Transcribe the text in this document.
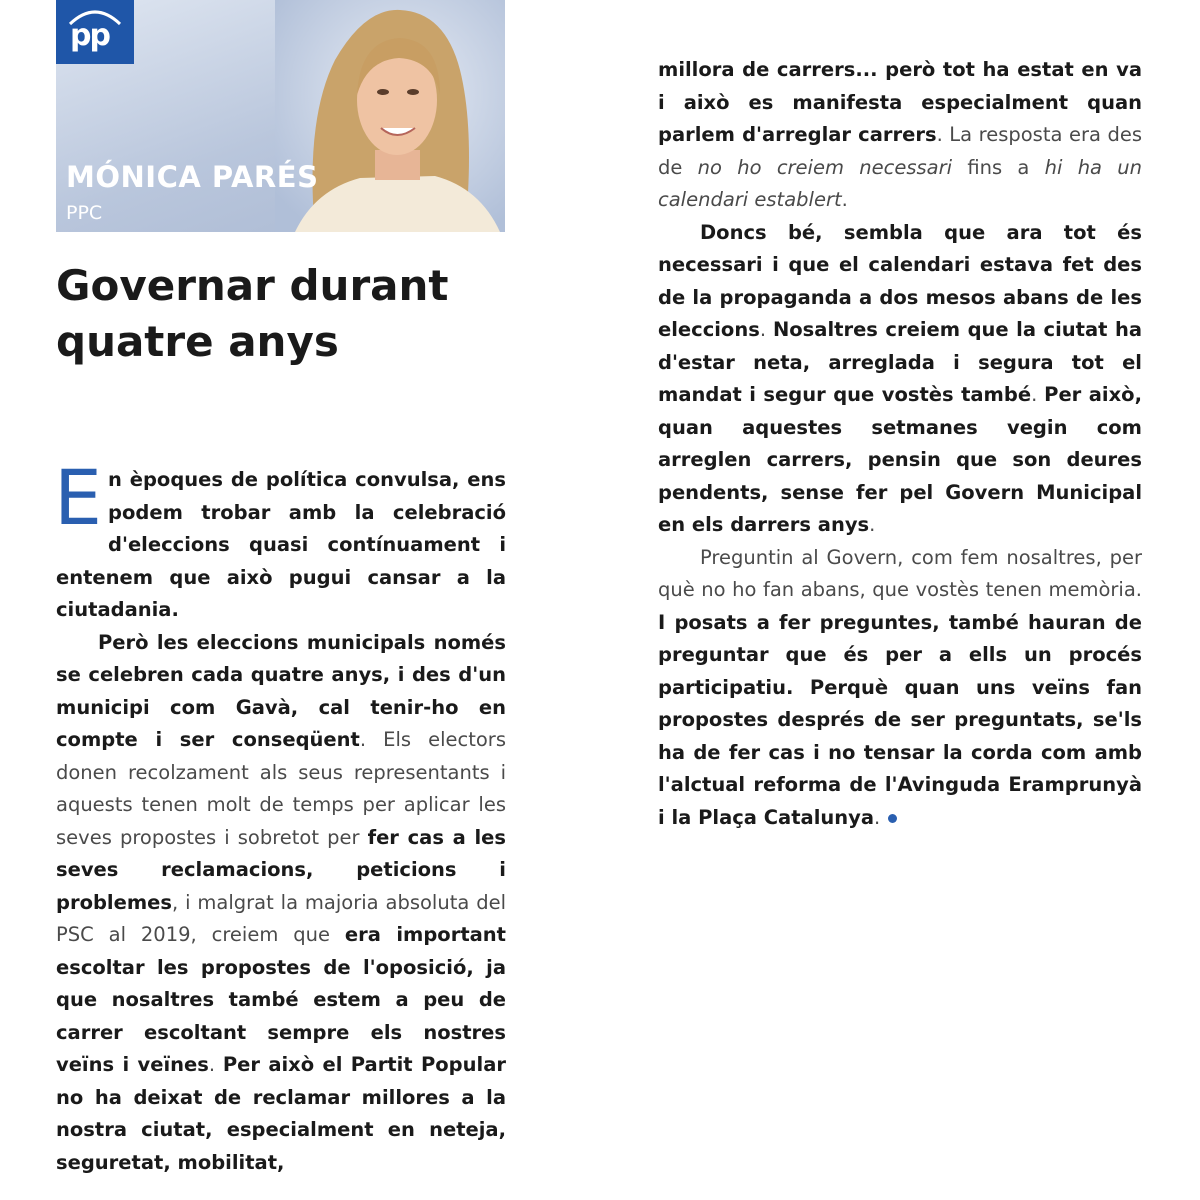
pp
MÓNICA PARÉS
PPC
Governar durant quatre anys

En èpoques de política convulsa, ens podem trobar amb la celebració d'eleccions quasi contínuament i entenem que això pugui cansar a la ciutadania.

Però les eleccions municipals només se celebren cada quatre anys, i des d'un municipi com Gavà, cal tenir-ho en compte i ser conseqüent. Els electors donen recolzament als seus representants i aquests tenen molt de temps per aplicar les seves propostes i sobretot per fer cas a les seves reclamacions, peticions i problemes, i malgrat la majoria absoluta del PSC al 2019, creiem que era important escoltar les propostes de l'oposició, ja que nosaltres també estem a peu de carrer escoltant sempre els nostres veïns i veïnes. Per això el Partit Popular no ha deixat de reclamar millores a la nostra ciutat, especialment en neteja, seguretat, mobilitat,

millora de carrers... però tot ha estat en va i això es manifesta especialment quan parlem d'arreglar carrers. La resposta era des de no ho creiem necessari fins a hi ha un calendari establert.

Doncs bé, sembla que ara tot és necessari i que el calendari estava fet des de la propaganda a dos mesos abans de les eleccions. Nosaltres creiem que la ciutat ha d'estar neta, arreglada i segura tot el mandat i segur que vostès també. Per això, quan aquestes setmanes vegin com arreglen carrers, pensin que son deures pendents, sense fer pel Govern Municipal en els darrers anys.

Preguntin al Govern, com fem nosaltres, per què no ho fan abans, que vostès tenen memòria. I posats a fer preguntes, també hauran de preguntar que és per a ells un procés participatiu. Perquè quan uns veïns fan propostes després de ser preguntats, se'ls ha de fer cas i no tensar la corda com amb l'alctual reforma de l'Avinguda Eramprunyà i la Plaça Catalunya.
